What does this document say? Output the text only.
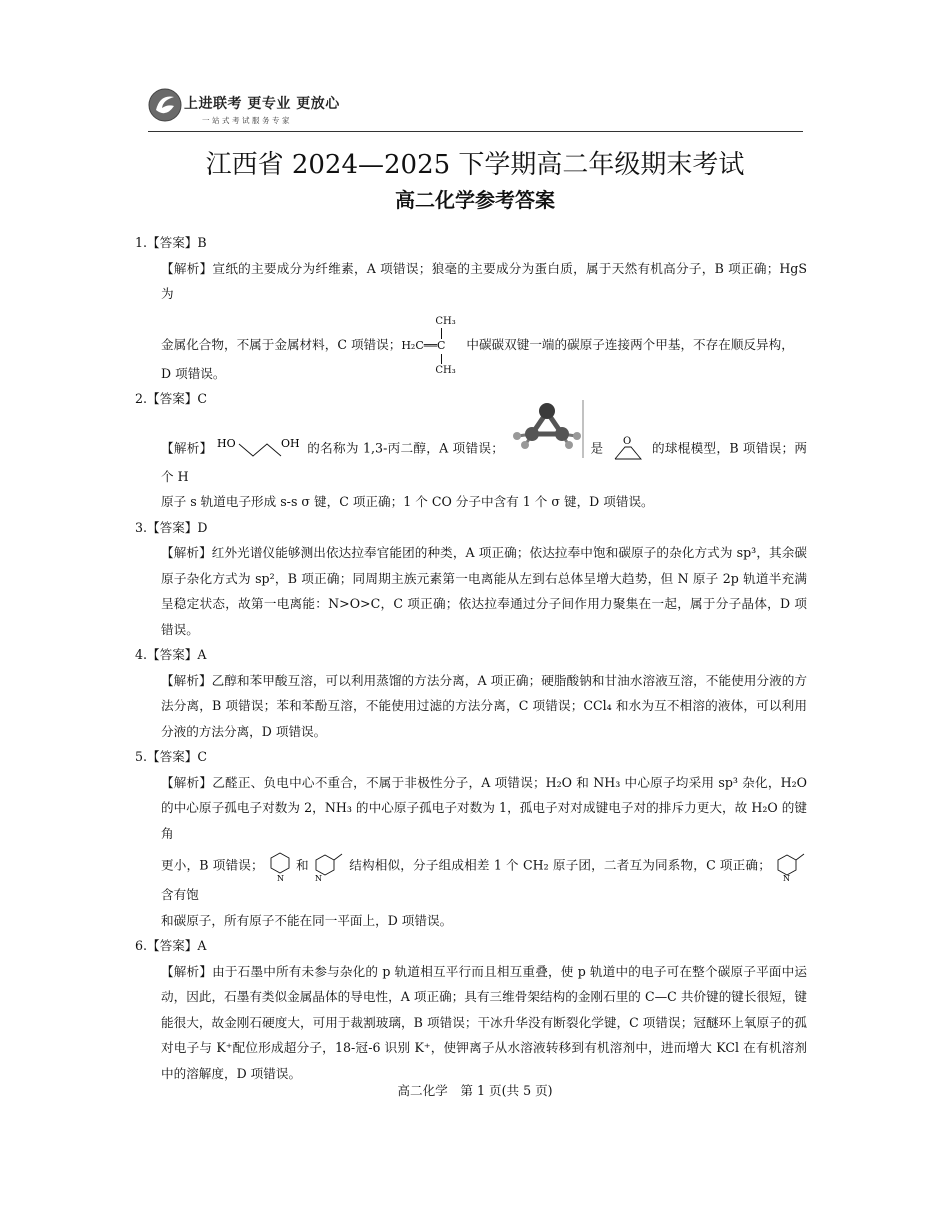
上进联考 更专业 更放心
一站式考试服务专家
江西省 2024—2025 下学期高二年级期末考试
高二化学参考答案
1.【答案】B
【解析】宣纸的主要成分为纤维素，A 项错误；狼毫的主要成分为蛋白质，属于天然有机高分子，B 项正确；HgS 为
金属化合物，不属于金属材料，C 项错误；
CH₃
H₂C══C
CH₃
中碳碳双键一端的碳原子连接两个甲基，不存在顺反异构，
D 项错误。
2.【答案】C
【解析】 HO	OH 的名称为 1,3-丙二醇，A 项错误；	是 O 的球棍模型，B 项错误；两个 H
原子 s 轨道电子形成 s-s σ 键，C 项正确；1 个 CO 分子中含有 1 个 σ 键，D 项错误。
3.【答案】D
【解析】红外光谱仪能够测出依达拉奉官能团的种类，A 项正确；依达拉奉中饱和碳原子的杂化方式为 sp³，其余碳原子杂化方式为 sp²，B 项正确；同周期主族元素第一电离能从左到右总体呈增大趋势，但 N 原子 2p 轨道半充满呈稳定状态，故第一电离能：N>O>C，C 项正确；依达拉奉通过分子间作用力聚集在一起，属于分子晶体，D 项错误。
4.【答案】A
【解析】乙醇和苯甲酸互溶，可以利用蒸馏的方法分离，A 项正确；硬脂酸钠和甘油水溶液互溶，不能使用分液的方法分离，B 项错误；苯和苯酚互溶，不能使用过滤的方法分离，C 项错误；CCl₄ 和水为互不相溶的液体，可以利用分液的方法分离，D 项错误。
5.【答案】C
【解析】乙醛正、负电中心不重合，不属于非极性分子，A 项错误；H₂O 和 NH₃ 中心原子均采用 sp³ 杂化，H₂O 的中心原子孤电子对数为 2，NH₃ 的中心原子孤电子对数为 1，孤电子对对成键电子对的排斥力更大，故 H₂O 的键角
更小，B 项错误；
N
和
N
结构相似，分子组成相差 1 个 CH₂ 原子团，二者互为同系物，C 项正确；
N
含有饱
和碳原子，所有原子不能在同一平面上，D 项错误。
6.【答案】A
【解析】由于石墨中所有未参与杂化的 p 轨道相互平行而且相互重叠，使 p 轨道中的电子可在整个碳原子平面中运动，因此，石墨有类似金属晶体的导电性，A 项正确；具有三维骨架结构的金刚石里的 C—C 共价键的键长很短，键能很大，故金刚石硬度大，可用于裁割玻璃，B 项错误；干冰升华没有断裂化学键，C 项错误；冠醚环上氧原子的孤对电子与 K⁺配位形成超分子，18-冠-6 识别 K⁺，使钾离子从水溶液转移到有机溶剂中，进而增大 KCl 在有机溶剂中的溶解度，D 项错误。
高二化学　第 1 页(共 5 页)
